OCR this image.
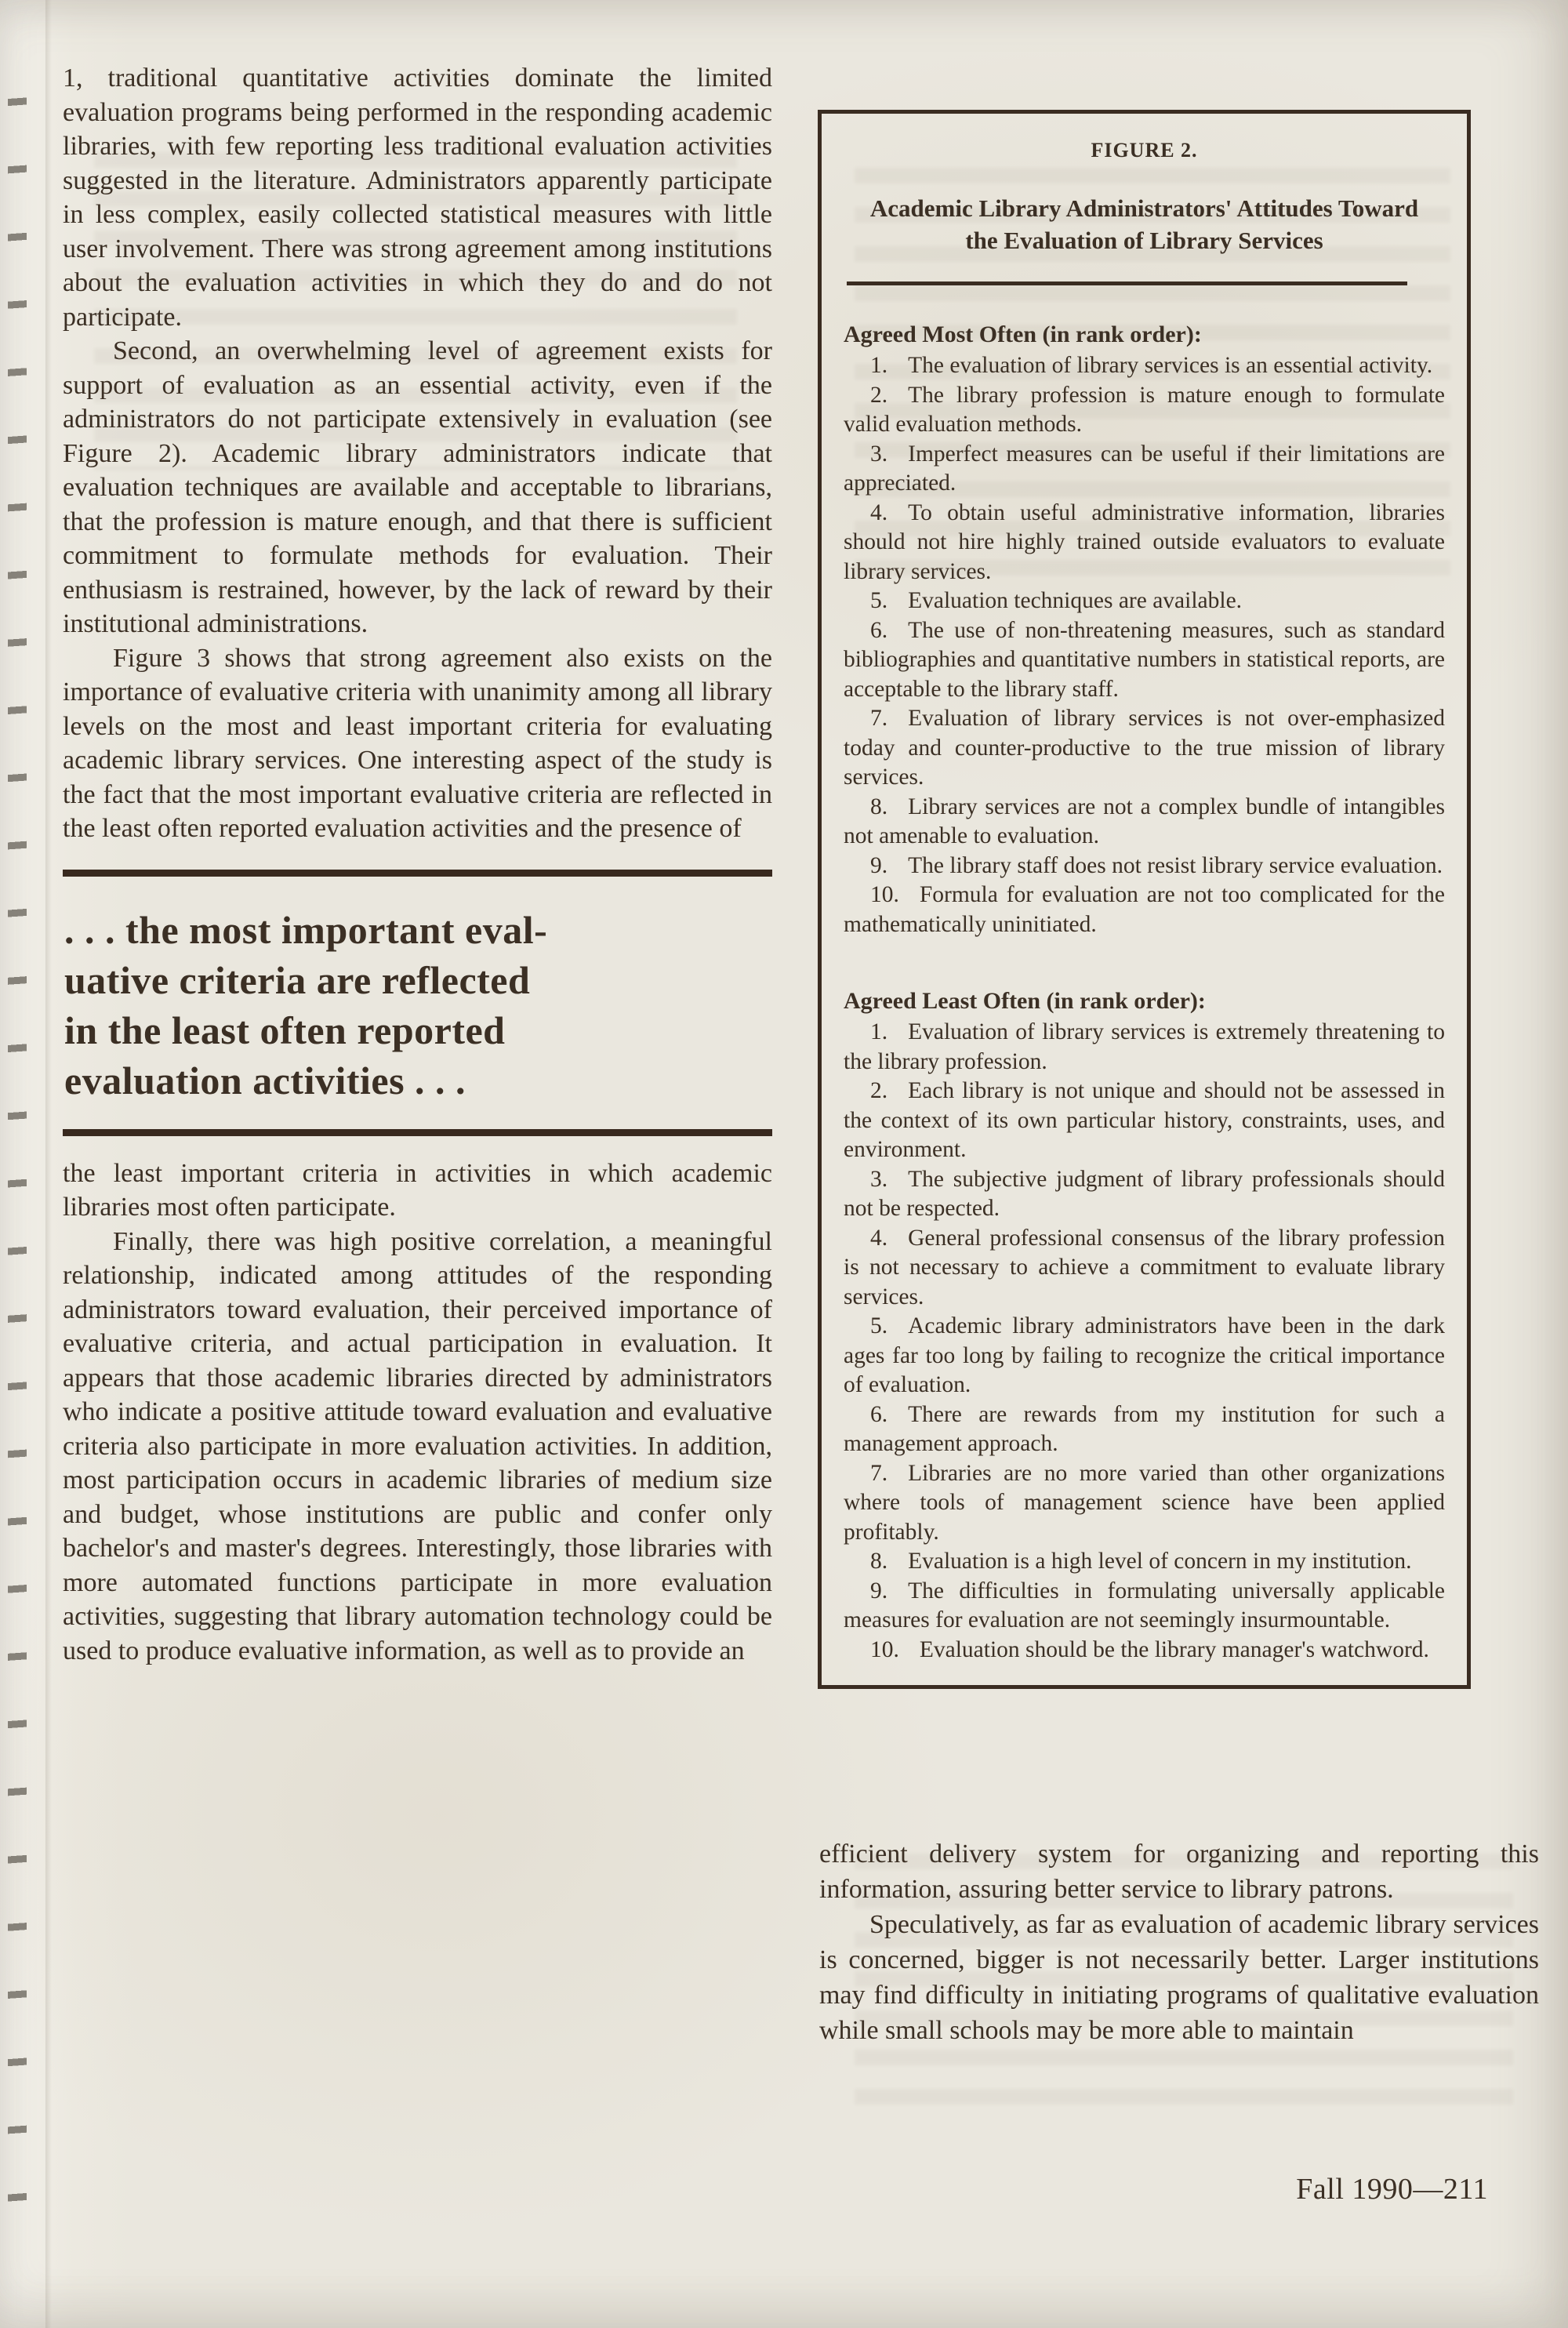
1, traditional quantitative activities dominate the limited evaluation programs being performed in the responding academic libraries, with few reporting less traditional evaluation activities suggested in the literature. Administrators apparently participate in less complex, easily collected statistical measures with little user involvement. There was strong agreement among institutions about the evaluation activities in which they do and do not participate.

Second, an overwhelming level of agreement exists for support of evaluation as an essential activity, even if the administrators do not participate extensively in evaluation (see Figure 2). Academic library administrators indicate that evaluation techniques are available and acceptable to librarians, that the profession is mature enough, and that there is sufficient commitment to formulate methods for evaluation. Their enthusiasm is restrained, however, by the lack of reward by their institutional administrations.

Figure 3 shows that strong agreement also exists on the importance of evaluative criteria with unanimity among all library levels on the most and least important criteria for evaluating academic library services. One interesting aspect of the study is the fact that the most important evaluative criteria are reflected in the least often reported evaluation activities and the presence of

. . . the most important eval-
uative criteria are reflected
in the least often reported
evaluation activities . . .

the least important criteria in activities in which academic libraries most often participate.

Finally, there was high positive correlation, a meaningful relationship, indicated among attitudes of the responding administrators toward evaluation, their perceived importance of evaluative criteria, and actual participation in evaluation. It appears that those academic libraries directed by administrators who indicate a positive attitude toward evaluation and evaluative criteria also participate in more evaluation activities. In addition, most participation occurs in academic libraries of medium size and budget, whose institutions are public and confer only bachelor's and master's degrees. Interestingly, those libraries with more automated functions participate in more evaluation activities, suggesting that library automation technology could be used to produce evaluative information, as well as to provide an

FIGURE 2.
Academic Library Administrators' Attitudes Toward the Evaluation of Library Services

Agreed Most Often (in rank order):

1. The evaluation of library services is an essential activity.

2. The library profession is mature enough to formulate valid evaluation methods.

3. Imperfect measures can be useful if their limitations are appreciated.

4. To obtain useful administrative information, libraries should not hire highly trained outside evaluators to evaluate library services.

5. Evaluation techniques are available.

6. The use of non-threatening measures, such as standard bibliographies and quantitative numbers in statistical reports, are acceptable to the library staff.

7. Evaluation of library services is not over-emphasized today and counter-productive to the true mission of library services.

8. Library services are not a complex bundle of intangibles not amenable to evaluation.

9. The library staff does not resist library service evaluation.

10. Formula for evaluation are not too complicated for the mathematically uninitiated.

Agreed Least Often (in rank order):

1. Evaluation of library services is extremely threatening to the library profession.

2. Each library is not unique and should not be assessed in the context of its own particular history, constraints, uses, and environment.

3. The subjective judgment of library professionals should not be respected.

4. General professional consensus of the library profession is not necessary to achieve a commitment to evaluate library services.

5. Academic library administrators have been in the dark ages far too long by failing to recognize the critical importance of evaluation.

6. There are rewards from my institution for such a management approach.

7. Libraries are no more varied than other organizations where tools of management science have been applied profitably.

8. Evaluation is a high level of concern in my institution.

9. The difficulties in formulating universally applicable measures for evaluation are not seemingly insurmountable.

10. Evaluation should be the library manager's watchword.

efficient delivery system for organizing and reporting this information, assuring better service to library patrons.

Speculatively, as far as evaluation of academic library services is concerned, bigger is not necessarily better. Larger institutions may find difficulty in initiating programs of qualitative evaluation while small schools may be more able to maintain

Fall 1990—211
